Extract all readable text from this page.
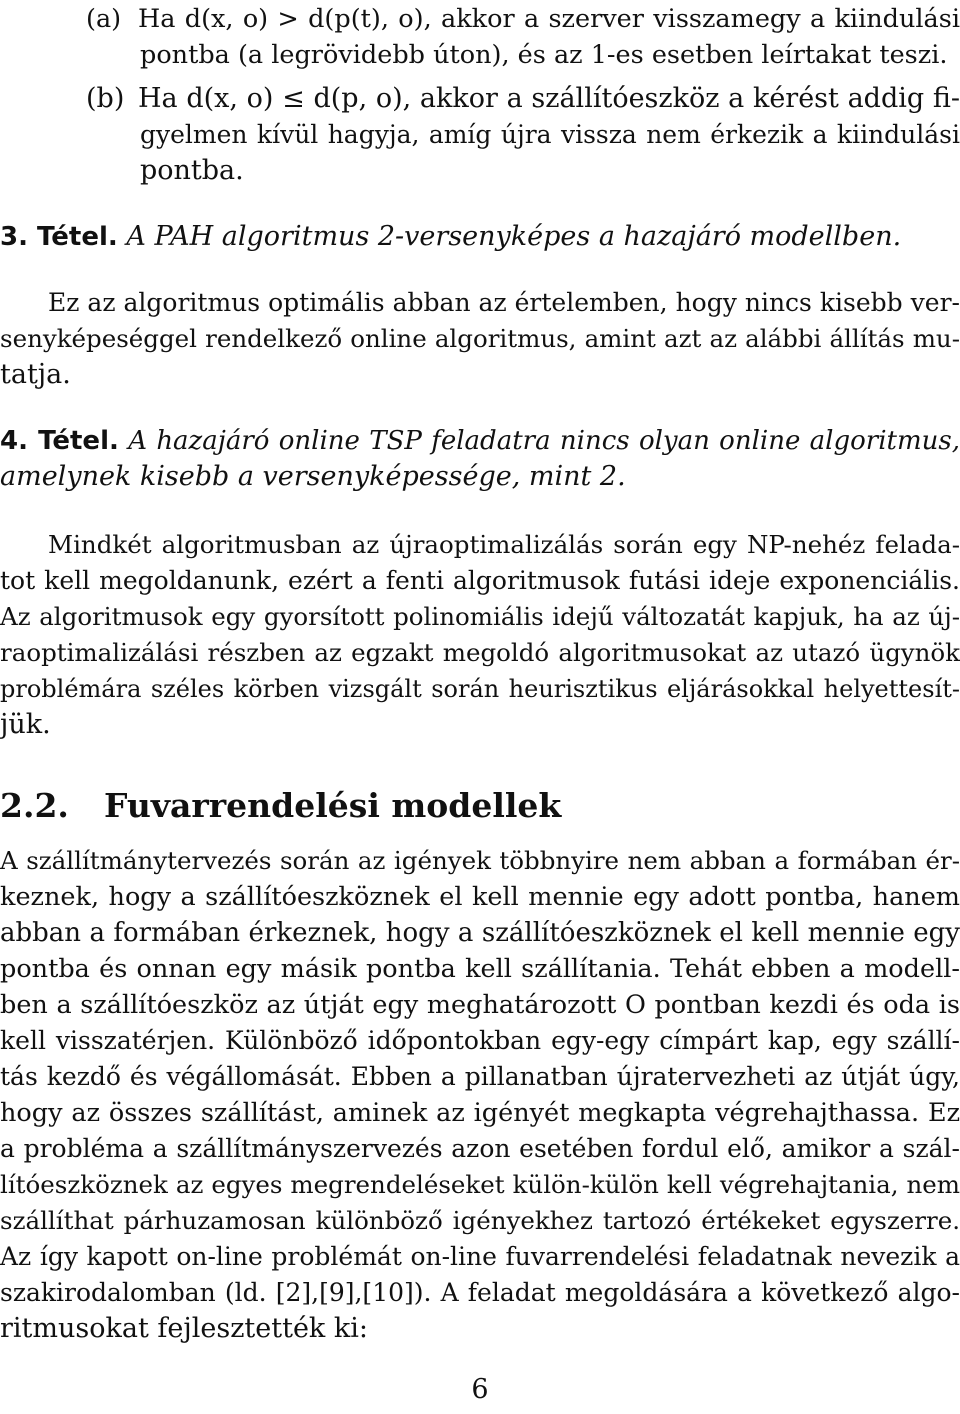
(a) Ha d(x, o) > d(p(t), o), akkor a szerver visszamegy a kiindulási
pontba (a legrövidebb úton), és az 1-es esetben leírtakat teszi.
(b) Ha d(x, o) ≤ d(p, o), akkor a szállítóeszköz a kérést addig fi-
gyelmen kívül hagyja, amíg újra vissza nem érkezik a kiindulási
pontba.
3. Tétel. A PAH algoritmus 2-versenyképes a hazajáró modellben.
Ez az algoritmus optimális abban az értelemben, hogy nincs kisebb ver-
senyképeséggel rendelkező online algoritmus, amint azt az alábbi állítás mu-
tatja.
4. Tétel. A hazajáró online TSP feladatra nincs olyan online algoritmus,
amelynek kisebb a versenyképessége, mint 2.
Mindkét algoritmusban az újraoptimalizálás során egy NP-nehéz felada-
tot kell megoldanunk, ezért a fenti algoritmusok futási ideje exponenciális.
Az algoritmusok egy gyorsított polinomiális idejű változatát kapjuk, ha az új-
raoptimalizálási részben az egzakt megoldó algoritmusokat az utazó ügynök
problémára széles körben vizsgált során heurisztikus eljárásokkal helyettesít-
jük.
2.2. Fuvarrendelési modellek
A szállítmánytervezés során az igények többnyire nem abban a formában ér-
keznek, hogy a szállítóeszköznek el kell mennie egy adott pontba, hanem
abban a formában érkeznek, hogy a szállítóeszköznek el kell mennie egy
pontba és onnan egy másik pontba kell szállítania. Tehát ebben a modell-
ben a szállítóeszköz az útját egy meghatározott O pontban kezdi és oda is
kell visszatérjen. Különböző időpontokban egy-egy címpárt kap, egy szállí-
tás kezdő és végállomását. Ebben a pillanatban újratervezheti az útját úgy,
hogy az összes szállítást, aminek az igényét megkapta végrehajthassa. Ez
a probléma a szállítmányszervezés azon esetében fordul elő, amikor a szál-
lítóeszköznek az egyes megrendeléseket külön-külön kell végrehajtania, nem
szállíthat párhuzamosan különböző igényekhez tartozó értékeket egyszerre.
Az így kapott on-line problémát on-line fuvarrendelési feladatnak nevezik a
szakirodalomban (ld. [2],[9],[10]). A feladat megoldására a következő algo-
ritmusokat fejlesztették ki:
6
